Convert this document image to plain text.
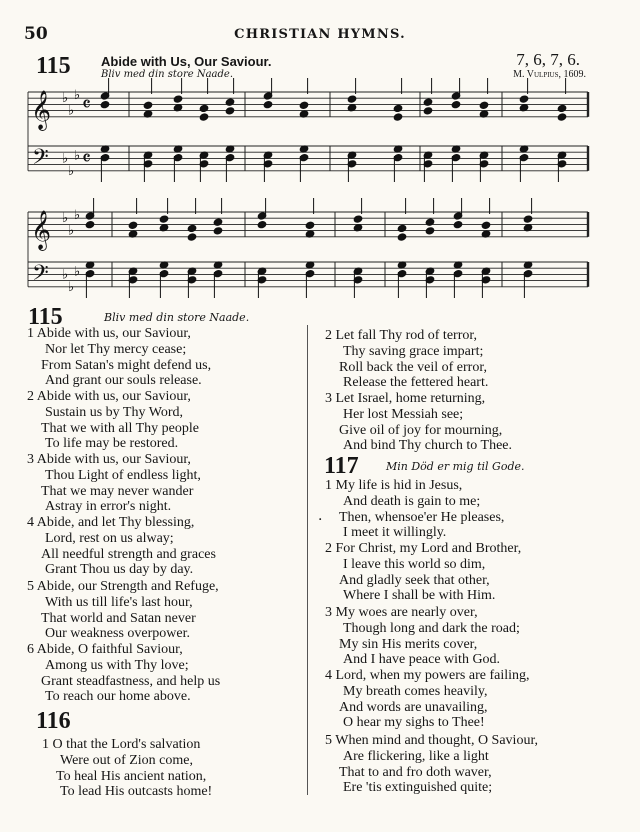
50	CHRISTIAN HYMNS.
115 Abide with Us, Our Saviour.
Bliv med din store Naade.
7, 6, 7, 6.
M. Vulpius, 1609.
𝄞
𝄢
♭
♭
♭
♭
♭
♭
𝄴
𝄴
𝄞
𝄢
♭
♭
♭
♭
♭
♭
115	Bliv med din store Naade.
1 Abide with us, our Saviour,
Nor let Thy mercy cease;
From Satan's might defend us,
And grant our souls release.
2 Abide with us, our Saviour,
Sustain us by Thy Word,
That we with all Thy people
To life may be restored.
3 Abide with us, our Saviour,
Thou Light of endless light,
That we may never wander
Astray in error's night.
4 Abide, and let Thy blessing,
Lord, rest on us alway;
All needful strength and graces
Grant Thou us day by day.
5 Abide, our Strength and Refuge,
With us till life's last hour,
That world and Satan never
Our weakness overpower.
6 Abide, O faithful Saviour,
Among us with Thy love;
Grant steadfastness, and help us
To reach our home above.
116
1 O that the Lord's salvation
Were out of Zion come,
To heal His ancient nation,
To lead His outcasts home!
2 Let fall Thy rod of terror,
Thy saving grace impart;
Roll back the veil of error,
Release the fettered heart.
3 Let Israel, home returning,
Her lost Messiah see;
Give oil of joy for mourning,
And bind Thy church to Thee.
117 Min Död er mig til Gode.
1 My life is hid in Jesus,
And death is gain to me;
Then, whensoe'er He pleases,
I meet it willingly.
2 For Christ, my Lord and Brother,
I leave this world so dim,
And gladly seek that other,
Where I shall be with Him.
3 My woes are nearly over,
Though long and dark the road;
My sin His merits cover,
And I have peace with God.
4 Lord, when my powers are failing,
My breath comes heavily,
And words are unavailing,
O hear my sighs to Thee!
5 When mind and thought, O Saviour,
Are flickering, like a light
That to and fro doth waver,
Ere 'tis extinguished quite;
·
